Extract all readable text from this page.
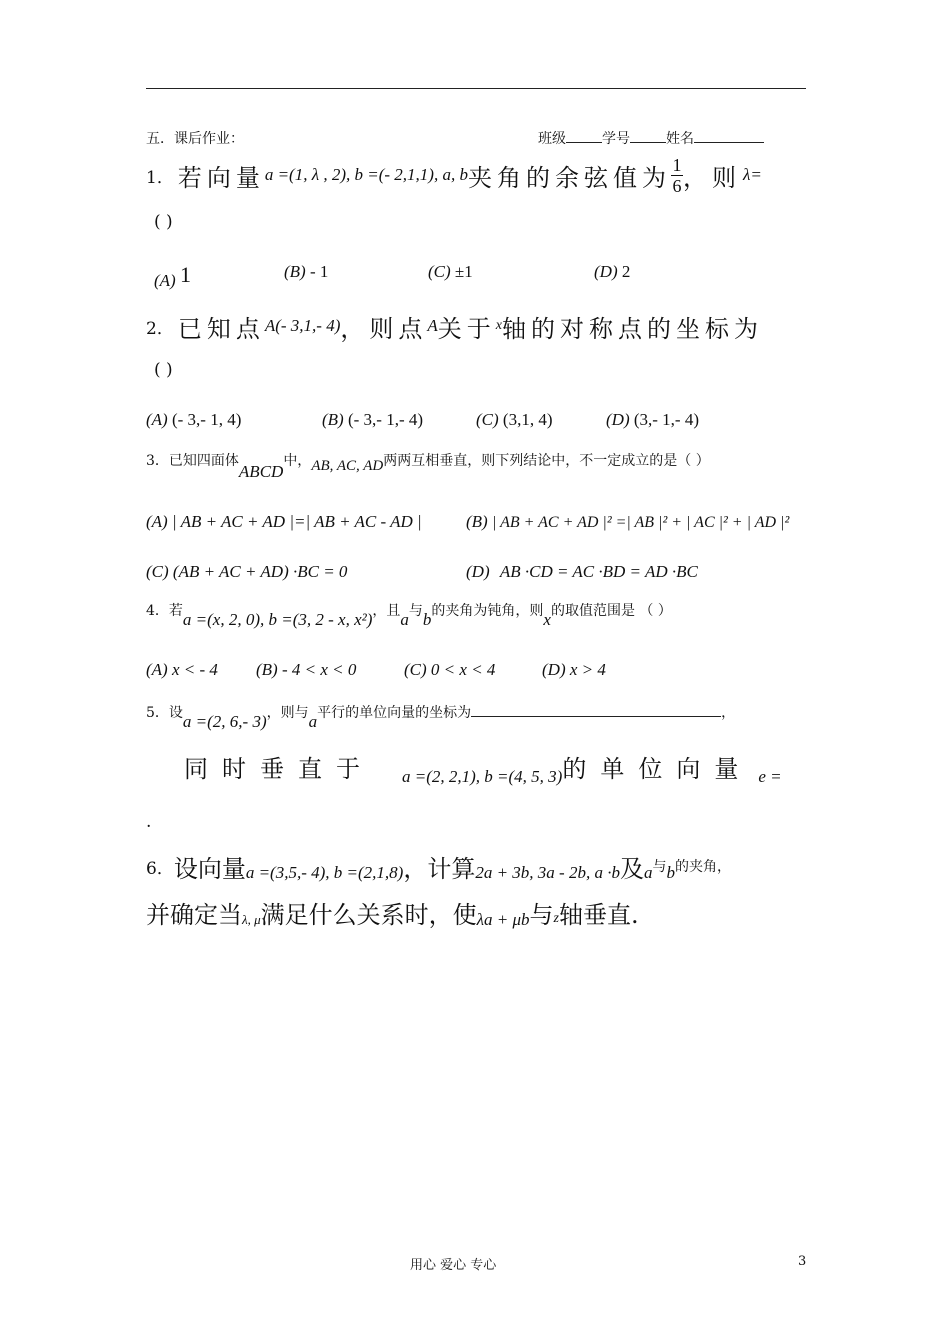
五．课后作业：	班级	学号	姓名
1． 若向量 a =(1, λ , 2), b =(- 2,1,1), a, b 夹角的余弦值为 $\frac{1}{6}$ ，则 λ=
( )
(A) 1	(B) - 1	(C) ±1	(D) 2
2． 已知点 A(- 3,1,- 4) ，则点 A 关于 x 轴的对称点的坐标为
( )
(A) (- 3,- 1, 4)	(B) (- 3,- 1,- 4)	(C) (3,1, 4)	(D) (3,- 1,- 4)
3． 已知四面体
ABCD
中， AB, AC, AD 两两互相垂直，则下列结论中，不一定成立的是（ ）
(A) | AB + AC + AD |=| AB + AC - AD |	(B) | AB + AC + AD |² =| AB |² + | AC |² + | AD |²
(C) (AB + AC + AD) ·BC = 0	(D) AB ·CD = AC ·BD = AD ·BC
4．若 a =(x, 2, 0), b =(3, 2 - x, x²) ，且 a 与 b 的夹角为钝角，则 x 的取值范围是 （ ）
(A) x < - 4 (B) - 4 < x < 0	(C) 0 < x < 4	(D) x > 4
5．设 a =(2, 6,- 3) ，则与 a 平行的单位向量的坐标为	，
同时垂直于 a =(2, 2,1), b =(4, 5, 3) 的单位向量 e =
.
6． 设向量 a =(3,5,- 4), b =(2,1,8) ，计算 2a + 3b, 3a - 2b, a ·b 及 a 与 b 的夹角，
并确定当 λ, μ 满足什么关系时，使 λa + μb 与 z 轴垂直.
用心 爱心 专心	3
